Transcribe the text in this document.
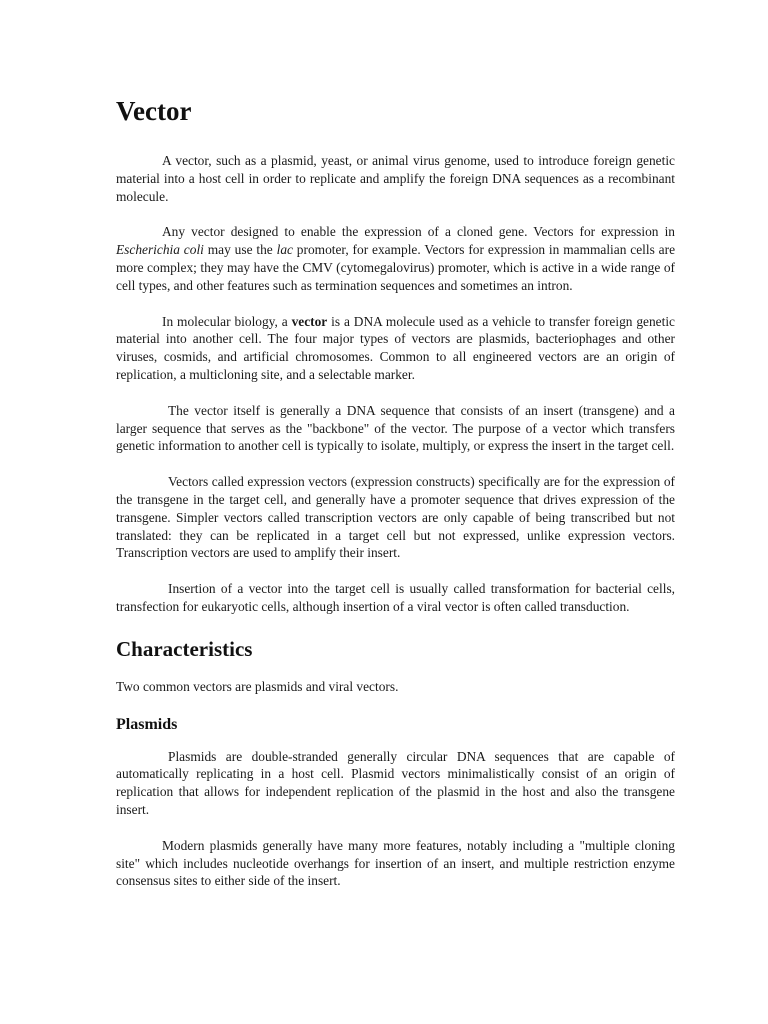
Vector

A vector, such as a plasmid, yeast, or animal virus genome, used to introduce foreign genetic material into a host cell in order to replicate and amplify the foreign DNA sequences as a recombinant molecule.

Any vector designed to enable the expression of a cloned gene. Vectors for expression in Escherichia coli may use the lac promoter, for example. Vectors for expression in mammalian cells are more complex; they may have the CMV (cytomegalovirus) promoter, which is active in a wide range of cell types, and other features such as termination sequences and sometimes an intron.

In molecular biology, a vector is a DNA molecule used as a vehicle to transfer foreign genetic material into another cell. The four major types of vectors are plasmids, bacteriophages and other viruses, cosmids, and artificial chromosomes. Common to all engineered vectors are an origin of replication, a multicloning site, and a selectable marker.

The vector itself is generally a DNA sequence that consists of an insert (transgene) and a larger sequence that serves as the "backbone" of the vector. The purpose of a vector which transfers genetic information to another cell is typically to isolate, multiply, or express the insert in the target cell.

Vectors called expression vectors (expression constructs) specifically are for the expression of the transgene in the target cell, and generally have a promoter sequence that drives expression of the transgene. Simpler vectors called transcription vectors are only capable of being transcribed but not translated: they can be replicated in a target cell but not expressed, unlike expression vectors. Transcription vectors are used to amplify their insert.

Insertion of a vector into the target cell is usually called transformation for bacterial cells, transfection for eukaryotic cells, although insertion of a viral vector is often called transduction.

Characteristics

Two common vectors are plasmids and viral vectors.

Plasmids

Plasmids are double-stranded generally circular DNA sequences that are capable of automatically replicating in a host cell. Plasmid vectors minimalistically consist of an origin of replication that allows for independent replication of the plasmid in the host and also the transgene insert.

Modern plasmids generally have many more features, notably including a "multiple cloning site" which includes nucleotide overhangs for insertion of an insert, and multiple restriction enzyme consensus sites to either side of the insert.
